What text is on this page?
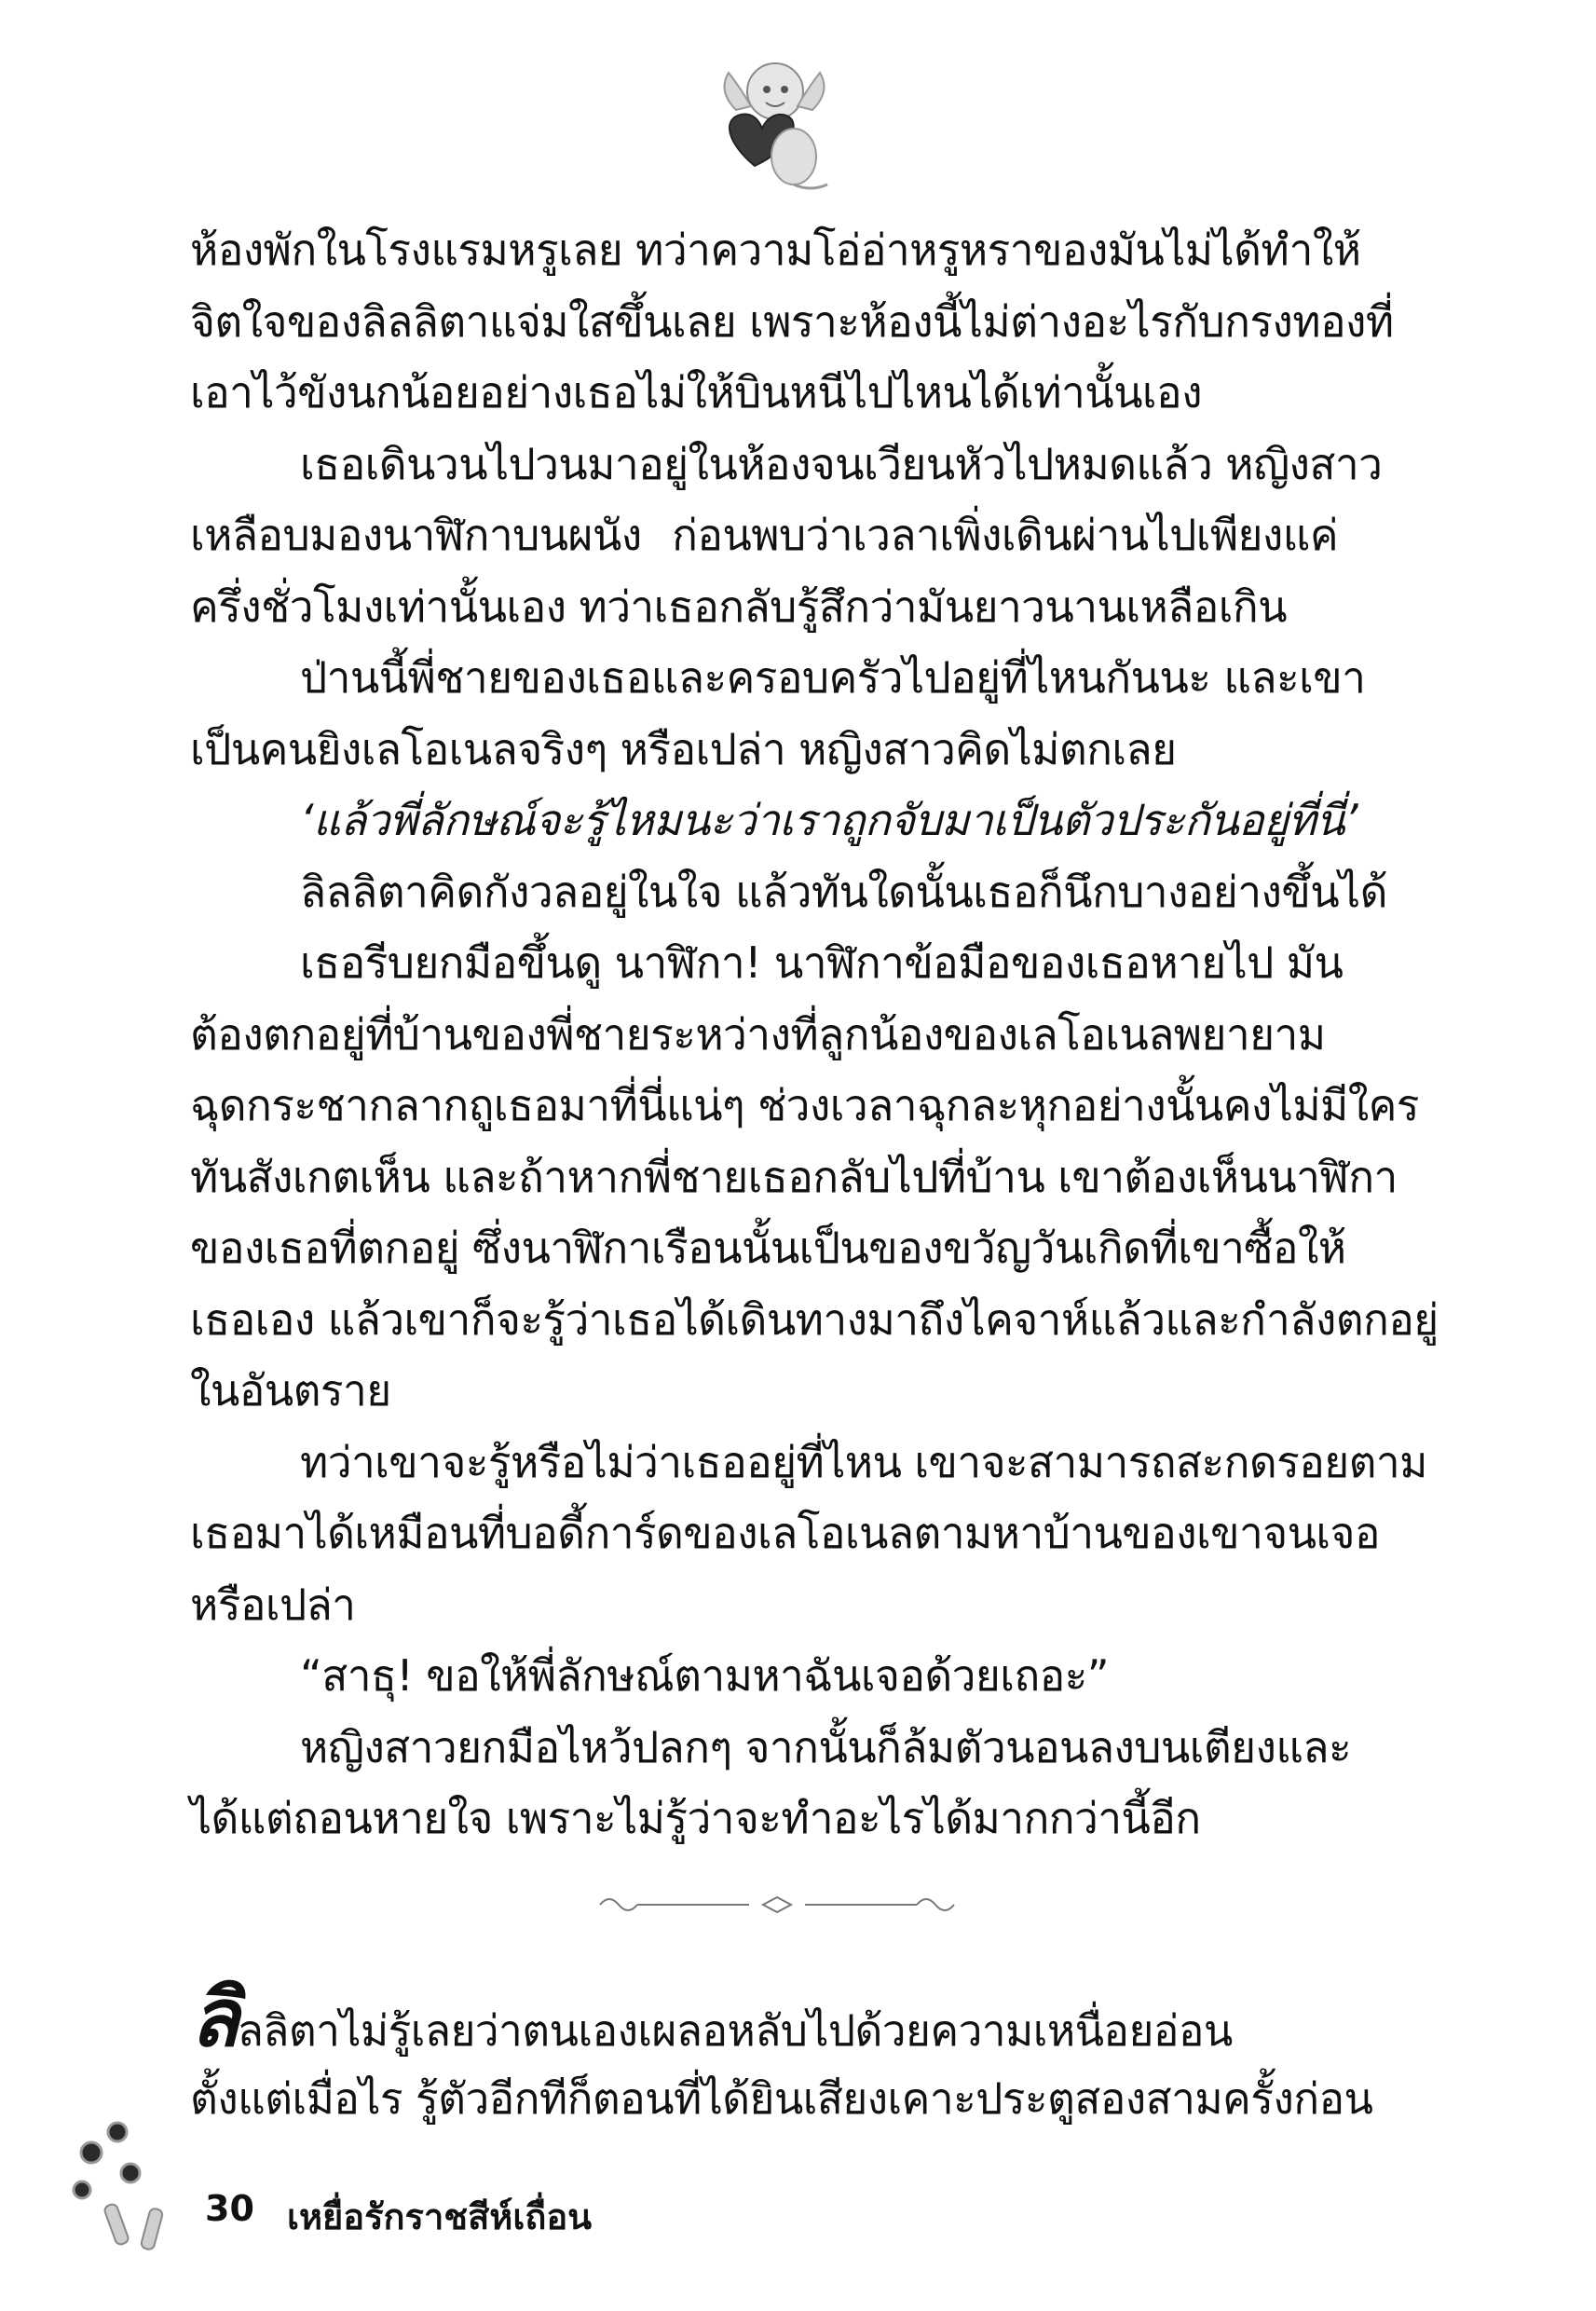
ห้องพักในโรงแรมหรูเลย ทว่าความโอ่อ่าหรูหราของมันไม่ได้ทำให้
จิตใจของลิลลิตาแจ่มใสขึ้นเลย เพราะห้องนี้ไม่ต่างอะไรกับกรงทองที่
เอาไว้ขังนกน้อยอย่างเธอไม่ให้บินหนีไปไหนได้เท่านั้นเอง
เธอเดินวนไปวนมาอยู่ในห้องจนเวียนหัวไปหมดแล้ว หญิงสาว
เหลือบมองนาฬิกาบนผนัง ก่อนพบว่าเวลาเพิ่งเดินผ่านไปเพียงแค่
ครึ่งชั่วโมงเท่านั้นเอง ทว่าเธอกลับรู้สึกว่ามันยาวนานเหลือเกิน
ป่านนี้พี่ชายของเธอและครอบครัวไปอยู่ที่ไหนกันนะ และเขา
เป็นคนยิงเลโอเนลจริงๆ หรือเปล่า หญิงสาวคิดไม่ตกเลย
‘แล้วพี่ลักษณ์จะรู้ไหมนะว่าเราถูกจับมาเป็นตัวประกันอยู่ที่นี่’
ลิลลิตาคิดกังวลอยู่ในใจ แล้วทันใดนั้นเธอก็นึกบางอย่างขึ้นได้
เธอรีบยกมือขึ้นดู นาฬิกา! นาฬิกาข้อมือของเธอหายไป มัน
ต้องตกอยู่ที่บ้านของพี่ชายระหว่างที่ลูกน้องของเลโอเนลพยายาม
ฉุดกระชากลากถูเธอมาที่นี่แน่ๆ ช่วงเวลาฉุกละหุกอย่างนั้นคงไม่มีใคร
ทันสังเกตเห็น และถ้าหากพี่ชายเธอกลับไปที่บ้าน เขาต้องเห็นนาฬิกา
ของเธอที่ตกอยู่ ซึ่งนาฬิกาเรือนนั้นเป็นของขวัญวันเกิดที่เขาซื้อให้
เธอเอง แล้วเขาก็จะรู้ว่าเธอได้เดินทางมาถึงไคจาห์แล้วและกำลังตกอยู่
ในอันตราย
ทว่าเขาจะรู้หรือไม่ว่าเธออยู่ที่ไหน เขาจะสามารถสะกดรอยตาม
เธอมาได้เหมือนที่บอดี้การ์ดของเลโอเนลตามหาบ้านของเขาจนเจอ
หรือเปล่า
“สาธุ! ขอให้พี่ลักษณ์ตามหาฉันเจอด้วยเถอะ”
หญิงสาวยกมือไหว้ปลกๆ จากนั้นก็ล้มตัวนอนลงบนเตียงและ
ได้แต่ถอนหายใจ เพราะไม่รู้ว่าจะทำอะไรได้มากกว่านี้อีก
ลิลลิตาไม่รู้เลยว่าตนเองเผลอหลับไปด้วยความเหนื่อยอ่อน
ตั้งแต่เมื่อไร รู้ตัวอีกทีก็ตอนที่ได้ยินเสียงเคาะประตูสองสามครั้งก่อน
30 เหยื่อรักราชสีห์เถื่อน
